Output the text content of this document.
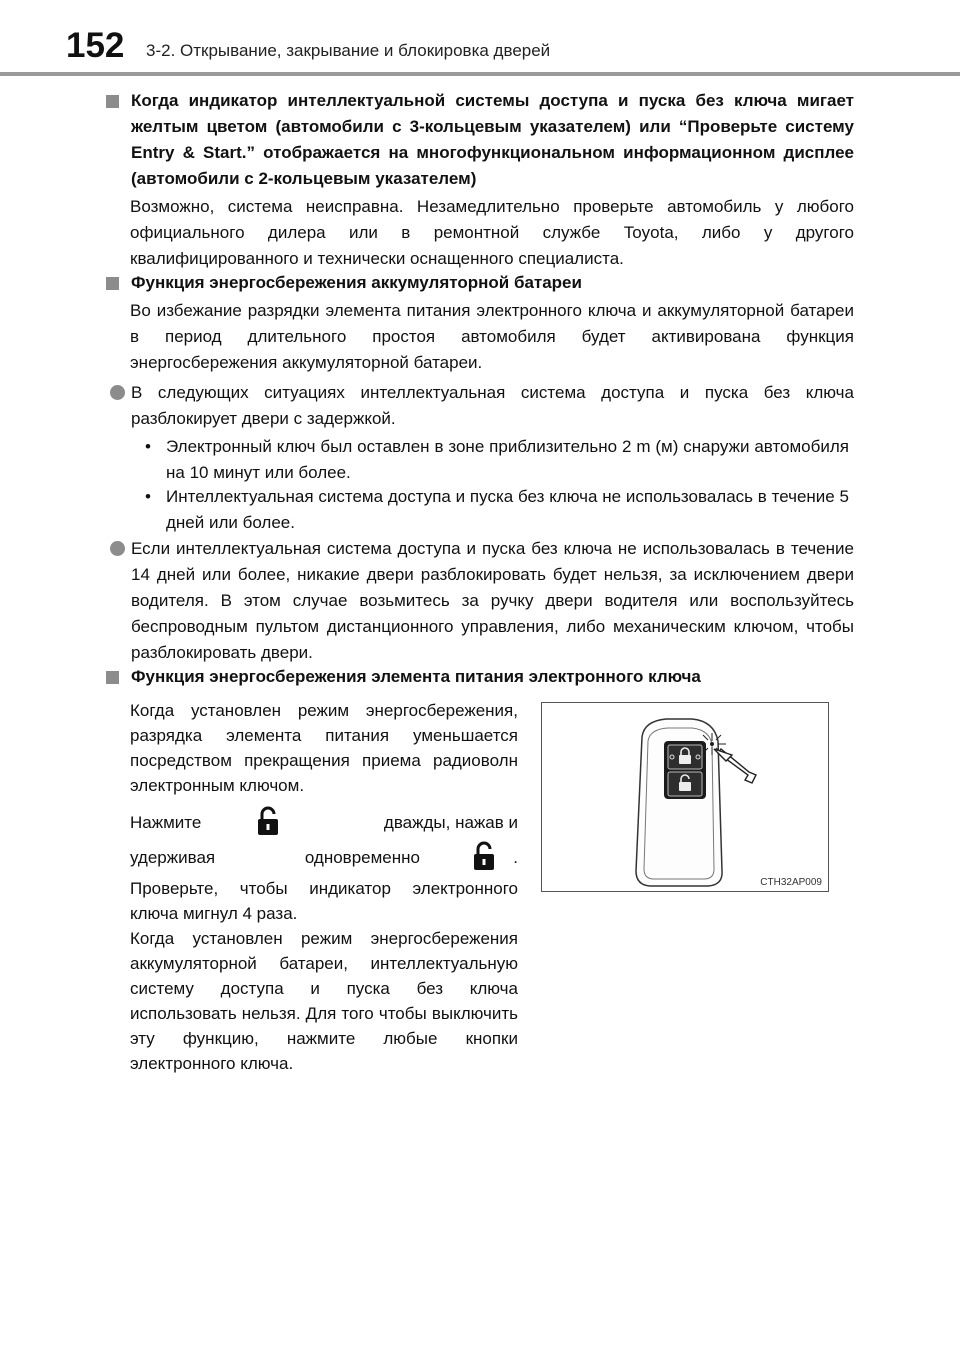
152 3-2. Открывание, закрывание и блокировка дверей
Когда индикатор интеллектуальной системы доступа и пуска без ключа мигает желтым цветом (автомобили с 3-кольцевым указателем) или “Проверьте систему Entry & Start.” отображается на многофункциональном информационном дисплее (автомобили с 2-кольцевым указателем)
Возможно, система неисправна. Незамедлительно проверьте автомобиль у любого официального дилера или в ремонтной службе Toyota, либо у другого квалифицированного и технически оснащенного специалиста.
Функция энергосбережения аккумуляторной батареи
Во избежание разрядки элемента питания электронного ключа и аккумуляторной батареи в период длительного простоя автомобиля будет активирована функция энергосбережения аккумуляторной батареи.
В следующих ситуациях интеллектуальная система доступа и пуска без ключа разблокирует двери с задержкой.
• Электронный ключ был оставлен в зоне приблизительно 2 m (м) снаружи автомобиля на 10 минут или более.
• Интеллектуальная система доступа и пуска без ключа не использовалась в течение 5 дней или более.
Если интеллектуальная система доступа и пуска без ключа не использовалась в течение 14 дней или более, никакие двери разблокировать будет нельзя, за исключением двери водителя. В этом случае возьмитесь за ручку двери водителя или воспользуйтесь беспроводным пультом дистанционного управления, либо механическим ключом, чтобы разблокировать двери.
Функция энергосбережения элемента питания электронного ключа
Когда установлен режим энергосбережения, разрядка элемента питания уменьшается посредством прекращения приема радиоволн электронным ключом.
Нажмите	дважды, нажав и
удерживая одновременно	.
Проверьте, чтобы индикатор электронного ключа мигнул 4 раза.
Когда установлен режим энергосбережения аккумуляторной батареи, интеллектуальную систему доступа и пуска без ключа использовать нельзя. Для того чтобы выключить эту функцию, нажмите любые кнопки электронного ключа.
CTH32AP009
